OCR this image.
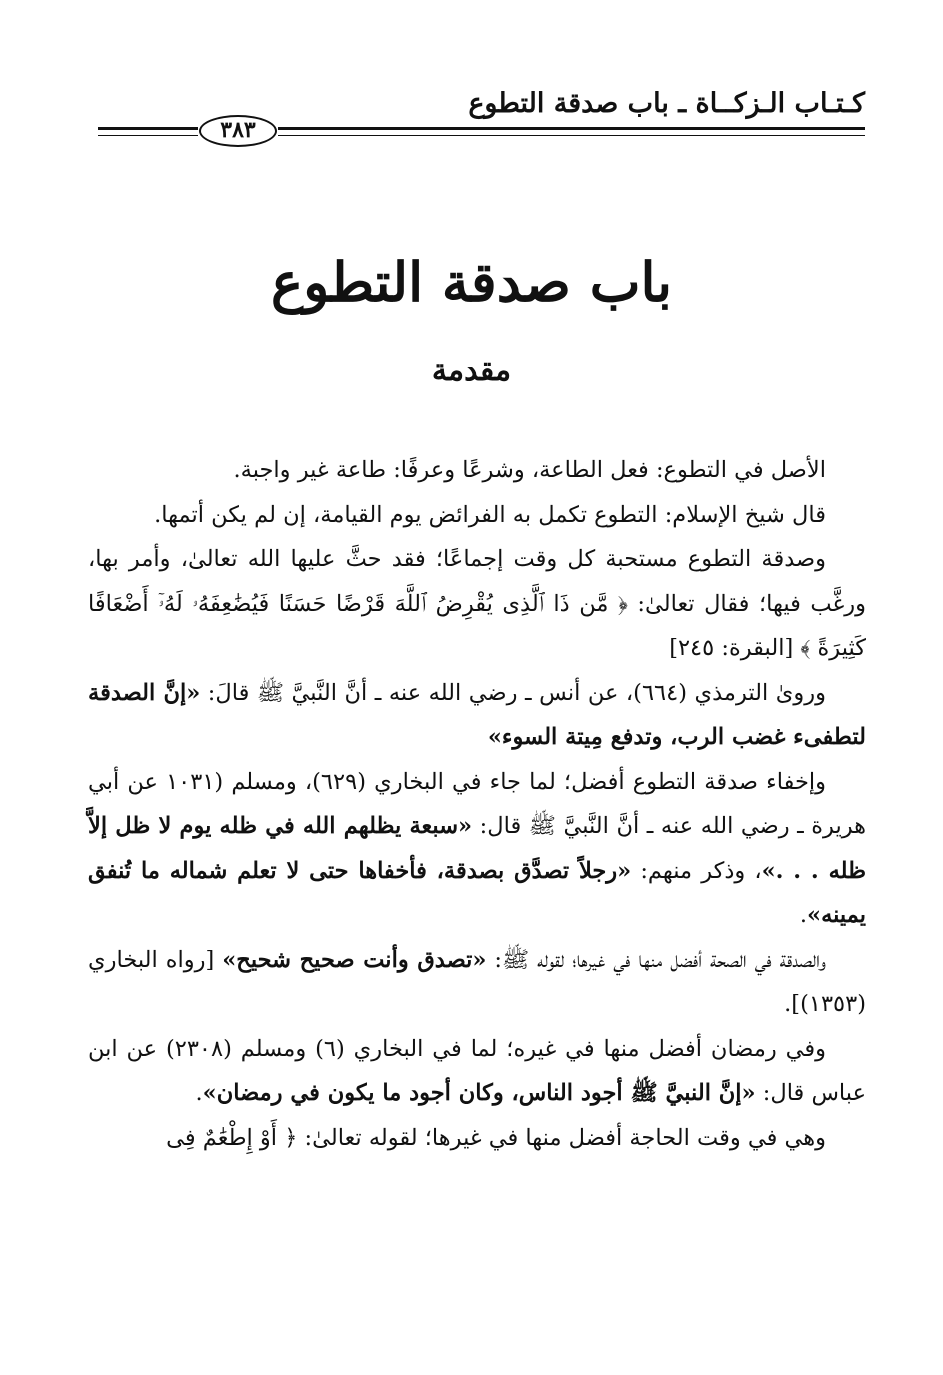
كـتـاب الـزكــاة ـ باب صدقة التطوع
٣٨٣
باب صدقة التطوع
مقدمة

الأصل في التطوع: فعل الطاعة، وشرعًا وعرفًا: طاعة غير واجبة.

قال شيخ الإسلام: التطوع تكمل به الفرائض يوم القيامة، إن لم يكن أتمها.

وصدقة التطوع مستحبة كل وقت إجماعًا؛ فقد حثَّ عليها الله تعالىٰ، وأمر بها، ورغَّب فيها؛ فقال تعالىٰ: ﴿ مَّن ذَا ٱلَّذِى يُقْرِضُ ٱللَّهَ قَرْضًا حَسَنًا فَيُضَٰعِفَهُۥ لَهُۥٓ أَضْعَافًا كَثِيرَةً ﴾ [البقرة: ٢٤٥]

وروىٰ الترمذي (٦٦٤)، عن أنس ـ رضي الله عنه ـ أنَّ النَّبيَّ ﷺ قالَ: «إنَّ الصدقة لتطفىء غضب الرب، وتدفع مِيتة السوء»

وإخفاء صدقة التطوع أفضل؛ لما جاء في البخاري (٦٢٩)، ومسلم (١٠٣١ عن أبي هريرة ـ رضي الله عنه ـ أنَّ النَّبيَّ ﷺ قال: «سبعة يظلهم الله في ظله يوم لا ظل إلاَّ ظله . . .»، وذكر منهم: «رجلاً تصدَّق بصدقة، فأخفاها حتى لا تعلم شماله ما تُنفق يمينه».

والصدقة في الصحة أفضل منها في غيرها؛ لقوله ﷺ: «تصدق وأنت صحيح شحيح» [رواه البخاري (١٣٥٣)].

وفي رمضان أفضل منها في غيره؛ لما في البخاري (٦) ومسلم (٢٣٠٨) عن ابن عباس قال: «إنَّ النبيَّ ﷺ أجود الناس، وكان أجود ما يكون في رمضان».

وهي في وقت الحاجة أفضل منها في غيرها؛ لقوله تعالىٰ: ﴿ أَوْ إِطْعَٰمٌ فِى
